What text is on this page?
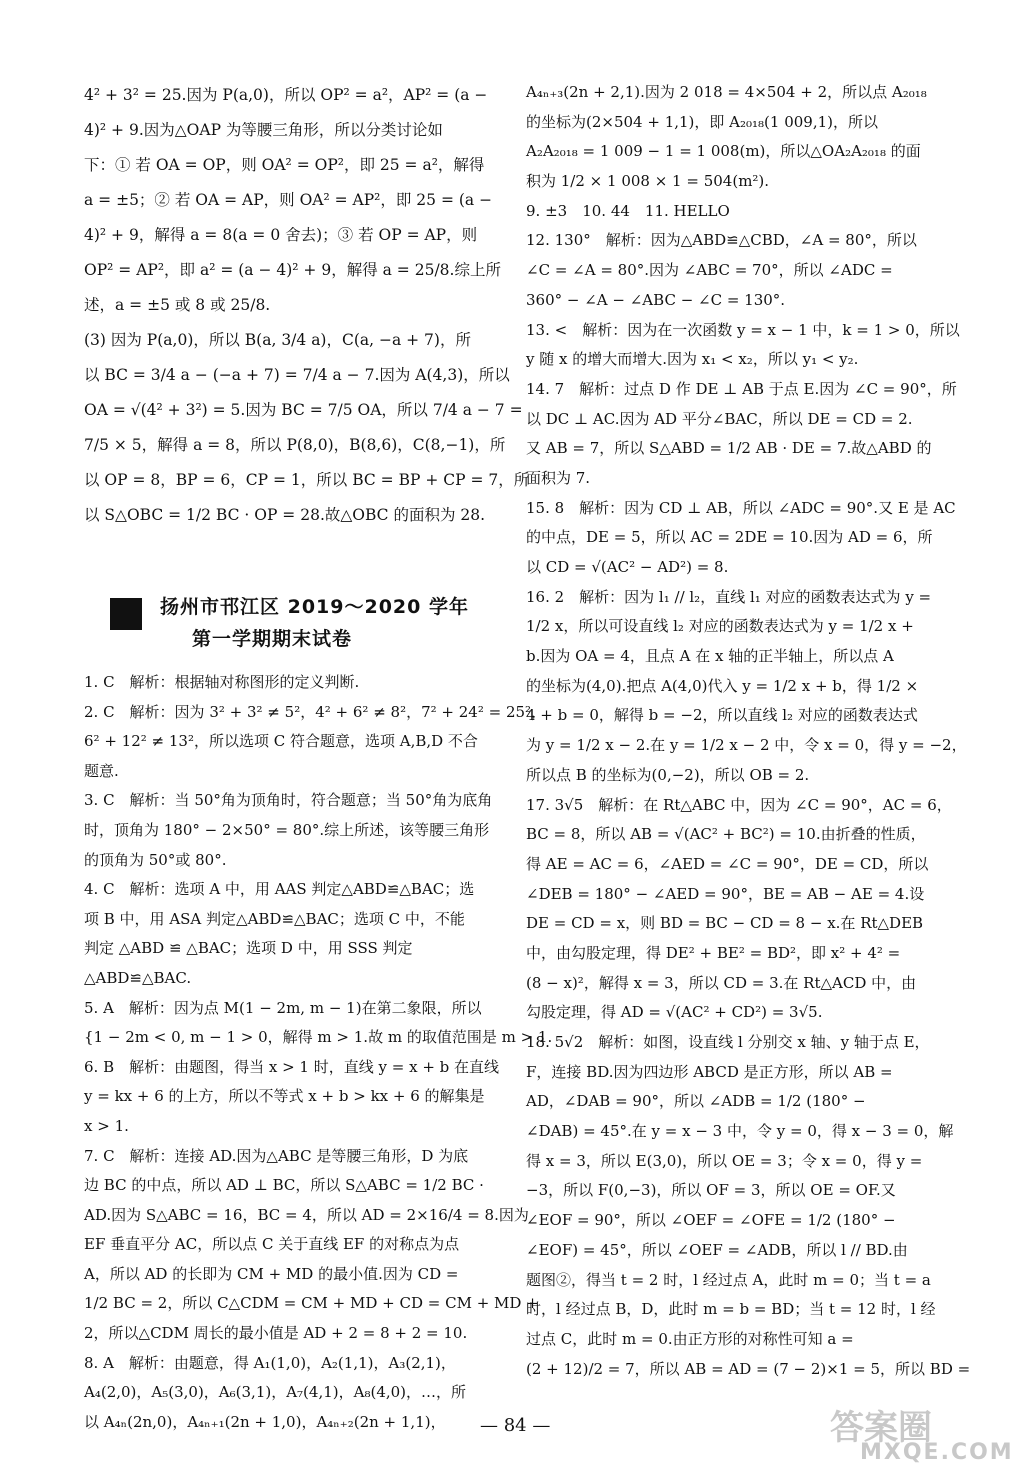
4² + 3² = 25.因为 P(a,0)，所以 OP² = a²，AP² = (a −
4)² + 9.因为△OAP 为等腰三角形，所以分类讨论如
下：① 若 OA = OP，则 OA² = OP²，即 25 = a²，解得
a = ±5；② 若 OA = AP，则 OA² = AP²，即 25 = (a −
4)² + 9，解得 a = 8(a = 0 舍去)；③ 若 OP = AP，则
OP² = AP²，即 a² = (a − 4)² + 9，解得 a = 25/8.综上所
述，a = ±5 或 8 或 25/8.
(3) 因为 P(a,0)，所以 B(a, 3/4 a)，C(a, −a + 7)，所
以 BC = 3/4 a − (−a + 7) = 7/4 a − 7.因为 A(4,3)，所以
OA = √(4² + 3²) = 5.因为 BC = 7/5 OA，所以 7/4 a − 7 =
7/5 × 5，解得 a = 8，所以 P(8,0)，B(8,6)，C(8,−1)，所
以 OP = 8，BP = 6，CP = 1，所以 BC = BP + CP = 7，所
以 S△OBC = 1/2 BC · OP = 28.故△OBC 的面积为 28.
扬州市邗江区 2019～2020 学年
第一学期期末试卷
1. C　解析：根据轴对称图形的定义判断.
2. C　解析：因为 3² + 3² ≠ 5²，4² + 6² ≠ 8²，7² + 24² = 25²，
6² + 12² ≠ 13²，所以选项 C 符合题意，选项 A,B,D 不合
题意.
3. C　解析：当 50°角为顶角时，符合题意；当 50°角为底角
时，顶角为 180° − 2×50° = 80°.综上所述，该等腰三角形
的顶角为 50°或 80°.
4. C　解析：选项 A 中，用 AAS 判定△ABD≌△BAC；选
项 B 中，用 ASA 判定△ABD≌△BAC；选项 C 中，不能
判定 △ABD ≌ △BAC；选项 D 中，用 SSS 判定
△ABD≌△BAC.
5. A　解析：因为点 M(1 − 2m, m − 1)在第二象限，所以
{1 − 2m < 0, m − 1 > 0，解得 m > 1.故 m 的取值范围是 m > 1.
6. B　解析：由题图，得当 x > 1 时，直线 y = x + b 在直线
y = kx + 6 的上方，所以不等式 x + b > kx + 6 的解集是
x > 1.
7. C　解析：连接 AD.因为△ABC 是等腰三角形，D 为底
边 BC 的中点，所以 AD ⊥ BC，所以 S△ABC = 1/2 BC ·
AD.因为 S△ABC = 16，BC = 4，所以 AD = 2×16/4 = 8.因为
EF 垂直平分 AC，所以点 C 关于直线 EF 的对称点为点
A，所以 AD 的长即为 CM + MD 的最小值.因为 CD =
1/2 BC = 2，所以 C△CDM = CM + MD + CD = CM + MD +
2，所以△CDM 周长的最小值是 AD + 2 = 8 + 2 = 10.
8. A　解析：由题意，得 A₁(1,0)，A₂(1,1)，A₃(2,1)，
A₄(2,0)，A₅(3,0)，A₆(3,1)，A₇(4,1)，A₈(4,0)，…，所
以 A₄ₙ(2n,0)，A₄ₙ₊₁(2n + 1,0)，A₄ₙ₊₂(2n + 1,1)，
A₄ₙ₊₃(2n + 2,1).因为 2 018 = 4×504 + 2，所以点 A₂₀₁₈
的坐标为(2×504 + 1,1)，即 A₂₀₁₈(1 009,1)，所以
A₂A₂₀₁₈ = 1 009 − 1 = 1 008(m)，所以△OA₂A₂₀₁₈ 的面
积为 1/2 × 1 008 × 1 = 504(m²).
9. ±3　10. 44　11. HELLO
12. 130°　解析：因为△ABD≌△CBD，∠A = 80°，所以
∠C = ∠A = 80°.因为 ∠ABC = 70°，所以 ∠ADC =
360° − ∠A − ∠ABC − ∠C = 130°.
13. <　解析：因为在一次函数 y = x − 1 中，k = 1 > 0，所以
y 随 x 的增大而增大.因为 x₁ < x₂，所以 y₁ < y₂.
14. 7　解析：过点 D 作 DE ⊥ AB 于点 E.因为 ∠C = 90°，所
以 DC ⊥ AC.因为 AD 平分∠BAC，所以 DE = CD = 2.
又 AB = 7，所以 S△ABD = 1/2 AB · DE = 7.故△ABD 的
面积为 7.
15. 8　解析：因为 CD ⊥ AB，所以 ∠ADC = 90°.又 E 是 AC
的中点，DE = 5，所以 AC = 2DE = 10.因为 AD = 6，所
以 CD = √(AC² − AD²) = 8.
16. 2　解析：因为 l₁ // l₂，直线 l₁ 对应的函数表达式为 y =
1/2 x，所以可设直线 l₂ 对应的函数表达式为 y = 1/2 x +
b.因为 OA = 4，且点 A 在 x 轴的正半轴上，所以点 A
的坐标为(4,0).把点 A(4,0)代入 y = 1/2 x + b，得 1/2 ×
4 + b = 0，解得 b = −2，所以直线 l₂ 对应的函数表达式
为 y = 1/2 x − 2.在 y = 1/2 x − 2 中，令 x = 0，得 y = −2，
所以点 B 的坐标为(0,−2)，所以 OB = 2.
17. 3√5　解析：在 Rt△ABC 中，因为 ∠C = 90°，AC = 6，
BC = 8，所以 AB = √(AC² + BC²) = 10.由折叠的性质，
得 AE = AC = 6，∠AED = ∠C = 90°，DE = CD，所以
∠DEB = 180° − ∠AED = 90°，BE = AB − AE = 4.设
DE = CD = x，则 BD = BC − CD = 8 − x.在 Rt△DEB
中，由勾股定理，得 DE² + BE² = BD²，即 x² + 4² =
(8 − x)²，解得 x = 3，所以 CD = 3.在 Rt△ACD 中，由
勾股定理，得 AD = √(AC² + CD²) = 3√5.
18. 5√2　解析：如图，设直线 l 分别交 x 轴、y 轴于点 E，
F，连接 BD.因为四边形 ABCD 是正方形，所以 AB =
AD，∠DAB = 90°，所以 ∠ADB = 1/2 (180° −
∠DAB) = 45°.在 y = x − 3 中，令 y = 0，得 x − 3 = 0，解
得 x = 3，所以 E(3,0)，所以 OE = 3；令 x = 0，得 y =
−3，所以 F(0,−3)，所以 OF = 3，所以 OE = OF.又
∠EOF = 90°，所以 ∠OEF = ∠OFE = 1/2 (180° −
∠EOF) = 45°，所以 ∠OEF = ∠ADB，所以 l // BD.由
题图②，得当 t = 2 时，l 经过点 A，此时 m = 0；当 t = a
时，l 经过点 B，D，此时 m = b = BD；当 t = 12 时，l 经
过点 C，此时 m = 0.由正方形的对称性可知 a =
(2 + 12)/2 = 7，所以 AB = AD = (7 − 2)×1 = 5，所以 BD =
— 84 —	答案圈
MXQE.COM
